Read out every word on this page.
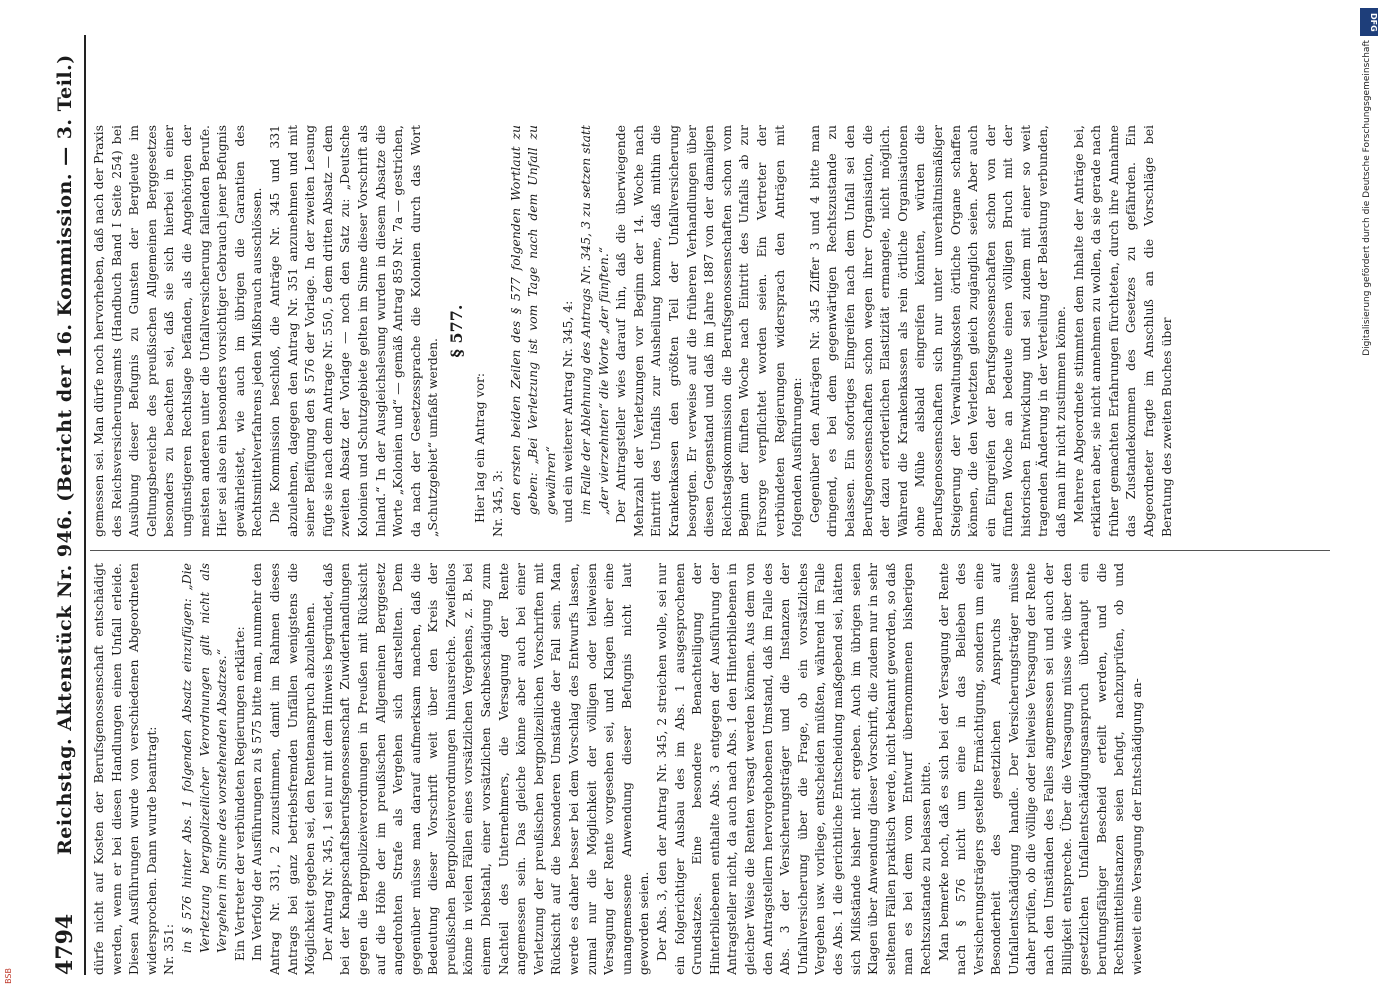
4794
Reichstag. Aktenstück Nr. 946. (Bericht der 16. Kommission. — 3. Teil.) dürfe nicht auf Kosten der Berufsgenossenschaft entschädigt werden, wenn er bei diesen Handlungen einen Unfall erleide. Diesen Ausführungen wurde von verschiedenen Abgeordneten widersprochen. Dann wurde beantragt: Nr. 351: in § 576 hinter Abs. 1 folgenden Absatz einzufügen: „Die Verletzung bergpolizeilicher Verordnungen gilt nicht als Vergehen im Sinne des vorstehenden Absatzes.“ Ein Vertreter der verbündeten Regierungen erklärte: Im Verfolg der Ausführungen zu § 575 bitte man, nunmehr den Antrag Nr. 331, 2 zuzustimmen, damit im Rahmen dieses Antrags bei ganz betriebsfremden Unfällen wenigstens die Möglichkeit gegeben sei, den Rentenanspruch abzulehnen. Der Antrag Nr. 345, 1 sei nur mit dem Hinweis begründet, daß bei der Knappschaftsberufsgenossenschaft Zuwiderhandlungen gegen die Bergpolizeiverordnungen in Preußen mit Rücksicht auf die Höhe der im preußischen Allgemeinen Berggesetz angedrohten Strafe als Vergehen sich darstellten. Dem gegenüber müsse man darauf aufmerksam machen, daß die Bedeutung dieser Vorschrift weit über den Kreis der preußischen Bergpolizeiverordnungen hinausreiche. Zweifellos könne in vielen Fällen eines vorsätzlichen Vergehens, z. B. bei einem Diebstahl, einer vorsätzlichen Sachbeschädigung zum Nachteil des Unternehmers, die Versagung der Rente angemessen sein. Das gleiche könne aber auch bei einer Verletzung der preußischen bergpolizeilichen Vorschriften mit Rücksicht auf die besonderen Umstände der Fall sein. Man werde es daher besser bei dem Vorschlag des Entwurfs lassen, zumal nur die Möglichkeit der völligen oder teilweisen Versagung der Rente vorgesehen sei, und Klagen über eine unangemessene Anwendung dieser Befugnis nicht laut geworden seien. Der Abs. 3, den der Antrag Nr. 345, 2 streichen wolle, sei nur ein folgerichtiger Ausbau des im Abs. 1 ausgesprochenen Grundsatzes. Eine besondere Benachteiligung der Hinterbliebenen enthalte Abs. 3 entgegen der Ausführung der Antragsteller nicht, da auch nach Abs. 1 den Hinterbliebenen in gleicher Weise die Renten versagt werden können. Aus dem von den Antragstellern hervorgehobenen Umstand, daß im Falle des Abs. 3 der Versicherungsträger und die Instanzen der Unfallversicherung über die Frage, ob ein vorsätzliches Vergehen usw. vorliege, entscheiden müßten, während im Falle des Abs. 1 die gerichtliche Entscheidung maßgebend sei, hätten sich Mißstände bisher nicht ergeben. Auch im übrigen seien Klagen über Anwendung dieser Vorschrift, die zudem nur in sehr seltenen Fällen praktisch werde, nicht bekannt geworden, so daß man es bei dem vom Entwurf übernommenen bisherigen Rechtszustande zu belassen bitte. Man bemerke noch, daß es sich bei der Versagung der Rente nach § 576 nicht um eine in das Belieben des Versicherungsträgers gestellte Ermächtigung, sondern um eine Besonderheit des gesetzlichen Anspruchs auf Unfallentschädigung handle. Der Versicherungsträger müsse daher prüfen, ob die völlige oder teilweise Versagung der Rente nach den Umständen des Falles angemessen sei und auch der Billigkeit entspreche. Über die Versagung müsse wie über den gesetzlichen Unfallentschädigungsanspruch überhaupt ein berufungsfähiger Bescheid erteilt werden, und die Rechtsmittelinstanzen seien befugt, nachzuprüfen, ob und wieweit eine Versagung der Entschädigung an-

gemessen sei. Man dürfe noch hervorheben, daß nach der Praxis des Reichsversicherungsamts (Handbuch Band I Seite 254) bei Ausübung dieser Befugnis zu Gunsten der Bergleute im Geltungsbereiche des preußischen Allgemeinen Berggesetzes besonders zu beachten sei, daß sie sich hierbei in einer ungünstigeren Rechtslage befänden, als die Angehörigen der meisten anderen unter die Unfallversicherung fallenden Berufe. Hier sei also ein besonders vorsichtiger Gebrauch jener Befugnis gewährleistet, wie auch im übrigen die Garantien des Rechtsmittelverfahrens jeden Mißbrauch ausschlössen. Die Kommission beschloß, die Anträge Nr. 345 und 331 abzulehnen, dagegen den Antrag Nr. 351 anzunehmen und mit seiner Beifügung den § 576 der Vorlage. In der zweiten Lesung fügte sie nach dem Antrage Nr. 550, 5 dem dritten Absatz — dem zweiten Absatz der Vorlage — noch den Satz zu: „Deutsche Kolonien und Schutzgebiete gelten im Sinne dieser Vorschrift als Inland.“ In der Ausgleichslesung wurden in diesem Absatze die Worte „Kolonien und“ — gemäß Antrag 859 Nr. 7a — gestrichen, da nach der Gesetzessprache die Kolonien durch das Wort „Schutzgebiet“ umfaßt werden.

§ 577.

Hier lag ein Antrag vor: Nr. 345, 3: den ersten beiden Zeilen des § 577 folgenden Wortlaut zu geben: „Bei Verletzung ist vom Tage nach dem Unfall zu gewähren“ und ein weiterer Antrag Nr. 345, 4: im Falle der Ablehnung des Antrags Nr. 345, 3 zu setzen statt „der vierzehnten“ die Worte „der fünften.“ Der Antragsteller wies darauf hin, daß die überwiegende Mehrzahl der Verletzungen vor Beginn der 14. Woche nach Eintritt des Unfalls zur Ausheilung komme, daß mithin die Krankenkassen den größten Teil der Unfallversicherung besorgten. Er verweise auf die früheren Verhandlungen über diesen Gegenstand und daß im Jahre 1887 von der damaligen Reichstagskommission die Berufsgenossenschaften schon vom Beginn der fünften Woche nach Eintritt des Unfalls ab zur Fürsorge verpflichtet worden seien. Ein Vertreter der verbündeten Regierungen widersprach den Anträgen mit folgenden Ausführungen: Gegenüber den Anträgen Nr. 345 Ziffer 3 und 4 bitte man dringend, es bei dem gegenwärtigen Rechtszustande zu belassen. Ein sofortiges Eingreifen nach dem Unfall sei den Berufsgenossenschaften schon wegen ihrer Organisation, die der dazu erforderlichen Elastizität ermangele, nicht möglich. Während die Krankenkassen als rein örtliche Organisationen ohne Mühe alsbald eingreifen könnten, würden die Berufsgenossenschaften sich nur unter unverhältnismäßiger Steigerung der Verwaltungskosten örtliche Organe schaffen können, die den Verletzten gleich zugänglich seien. Aber auch ein Eingreifen der Berufsgenossenschaften schon von der fünften Woche an bedeute einen völligen Bruch mit der historischen Entwicklung und sei zudem mit einer so weit tragenden Änderung in der Verteilung der Belastung verbunden, daß man ihr nicht zustimmen könne. Mehrere Abgeordnete stimmten dem Inhalte der Anträge bei, erklärten aber, sie nicht annehmen zu wollen, da sie gerade nach früher gemachten Erfahrungen fürchteten, durch ihre Annahme das Zustandekommen des Gesetzes zu gefährden. Ein Abgeordneter fragte im Anschluß an die Vorschläge bei Beratung des zweiten Buches über

DFG
Digitalisierung gefördert durch die Deutsche Forschungsgemeinschaft
BSB
